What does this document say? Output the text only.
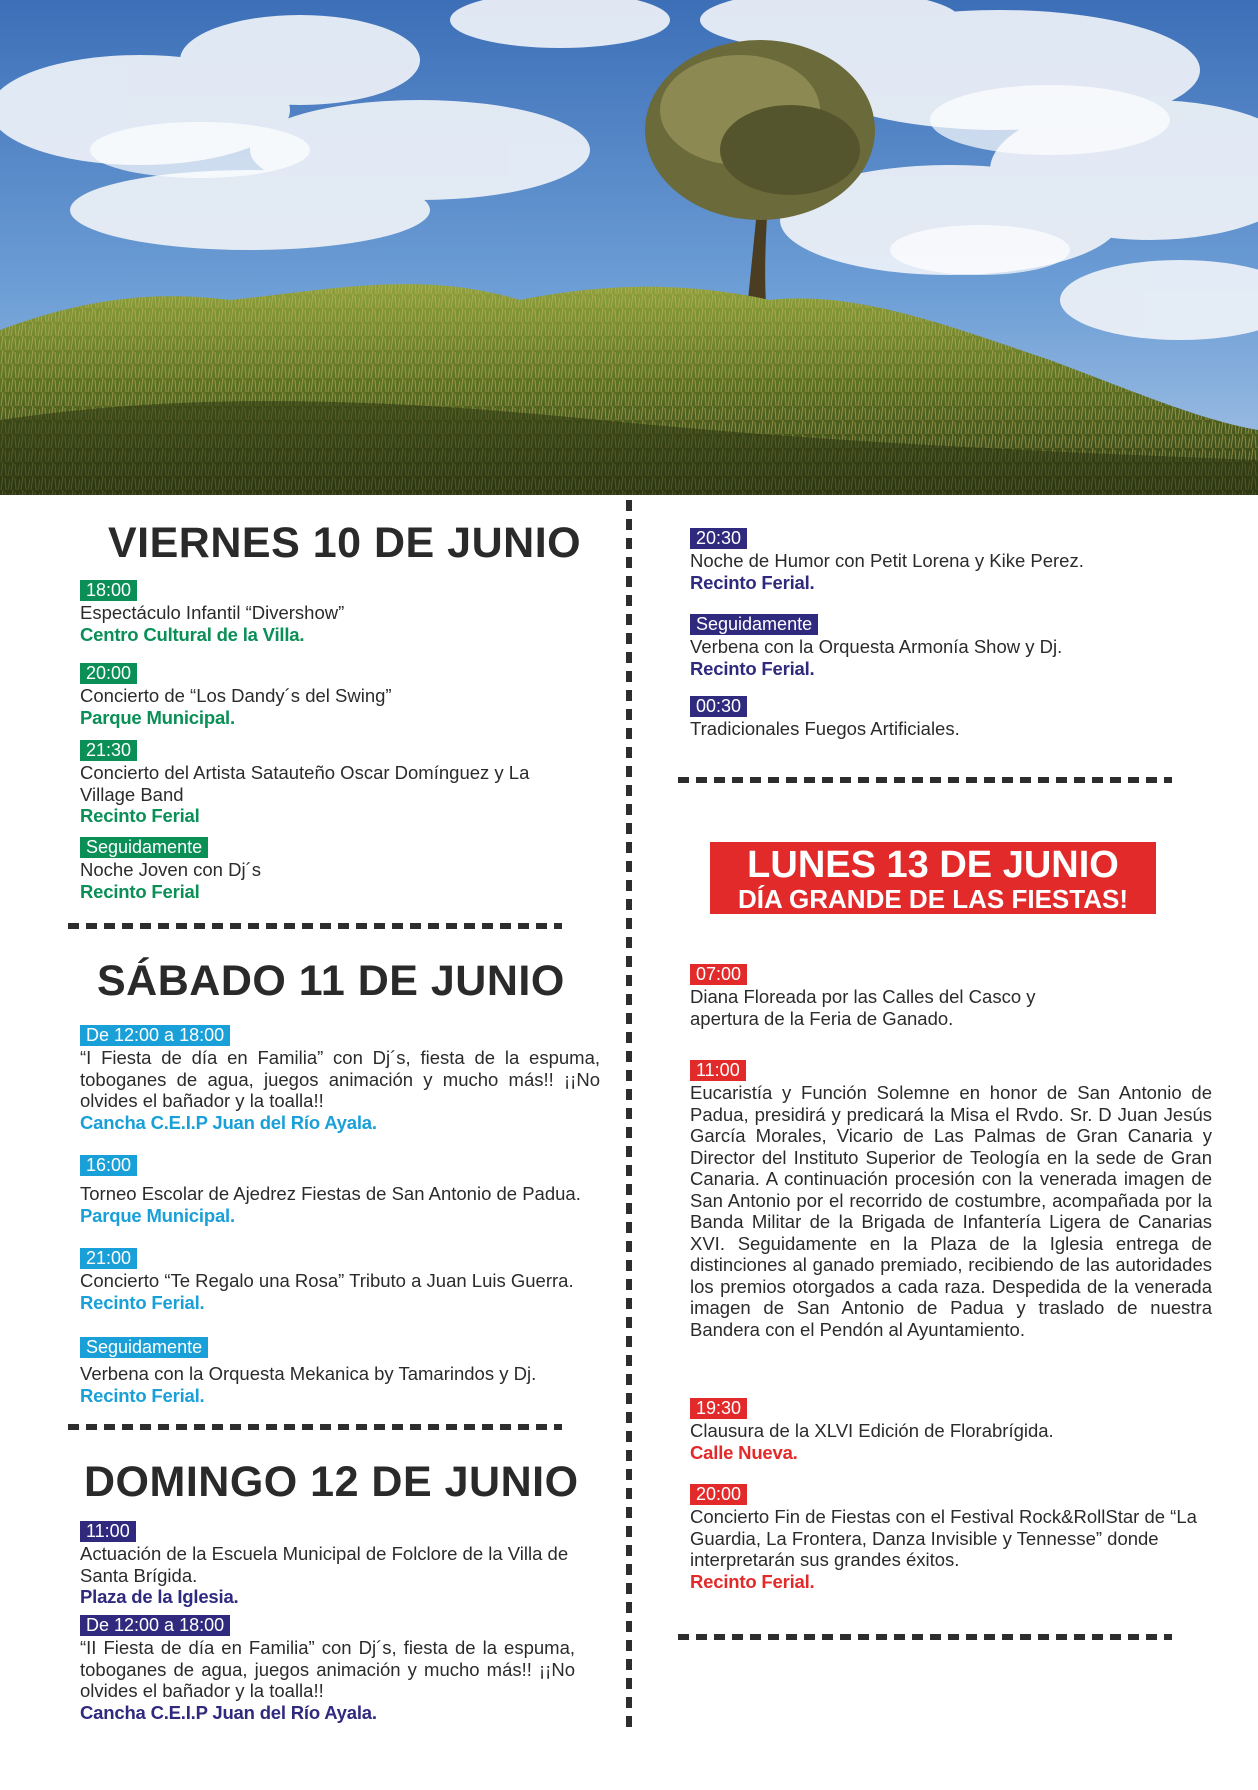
VIERNES 10 DE JUNIO
18:00
Espectáculo Infantil “Divershow”
Centro Cultural de la Villa.
20:00
Concierto de “Los Dandy´s del Swing”
Parque Municipal.
21:30
Concierto del Artista Satauteño Oscar Domínguez y La Village Band
Recinto Ferial
Seguidamente
Noche Joven con Dj´s
Recinto Ferial
SÁBADO 11 DE JUNIO
De 12:00 a 18:00
“I Fiesta de día en Familia” con Dj´s, fiesta de la espuma, toboganes de agua, juegos animación y mucho más!! ¡¡No olvides el bañador y la toalla!!
Cancha C.E.I.P Juan del Río Ayala.
16:00

Torneo Escolar de Ajedrez Fiestas de San Antonio de Padua.
Parque Municipal.
21:00
Concierto “Te Regalo una Rosa” Tributo a Juan Luis Guerra.
Recinto Ferial.
Seguidamente

Verbena con la Orquesta Mekanica by Tamarindos y Dj.
Recinto Ferial.
DOMINGO 12 DE JUNIO
11:00
Actuación de la Escuela Municipal de Folclore de la Villa de Santa Brígida.
Plaza de la Iglesia.
De 12:00 a 18:00
“II Fiesta de día en Familia” con Dj´s, fiesta de la espuma, toboganes de agua, juegos animación y mucho más!! ¡¡No olvides el bañador y la toalla!!
Cancha C.E.I.P Juan del Río Ayala.
20:30
Noche de Humor con Petit Lorena y Kike Perez.
Recinto Ferial.
Seguidamente
Verbena con la Orquesta Armonía Show y Dj.
Recinto Ferial.
00:30
Tradicionales Fuegos Artificiales.
LUNES 13 DE JUNIO
DÍA GRANDE DE LAS FIESTAS!
07:00
Diana Floreada por las Calles del Casco y apertura de la Feria de Ganado.
11:00
Eucaristía y Función Solemne en honor de San Antonio de Padua, presidirá y predicará la Misa el Rvdo. Sr. D Juan Jesús García Morales, Vicario de Las Palmas de Gran Canaria y Director del Instituto Superior de Teología en la sede de Gran Canaria. A continuación procesión con la venerada imagen de San Antonio por el recorrido de costumbre, acompañada por la Banda Militar de la Brigada de Infantería Ligera de Canarias XVI. Seguidamente en la Plaza de la Iglesia entrega de distinciones al ganado premiado, recibiendo de las autoridades los premios otorgados a cada raza. Despedida de la venerada imagen de San Antonio de Padua y traslado de nuestra Bandera con el Pendón al Ayuntamiento.
19:30
Clausura de la XLVI Edición de Florabrígida.
Calle Nueva.
20:00
Concierto Fin de Fiestas con el Festival Rock&RollStar de “La Guardia, La Frontera, Danza Invisible y Tennesse” donde interpretarán sus grandes éxitos.
Recinto Ferial.
